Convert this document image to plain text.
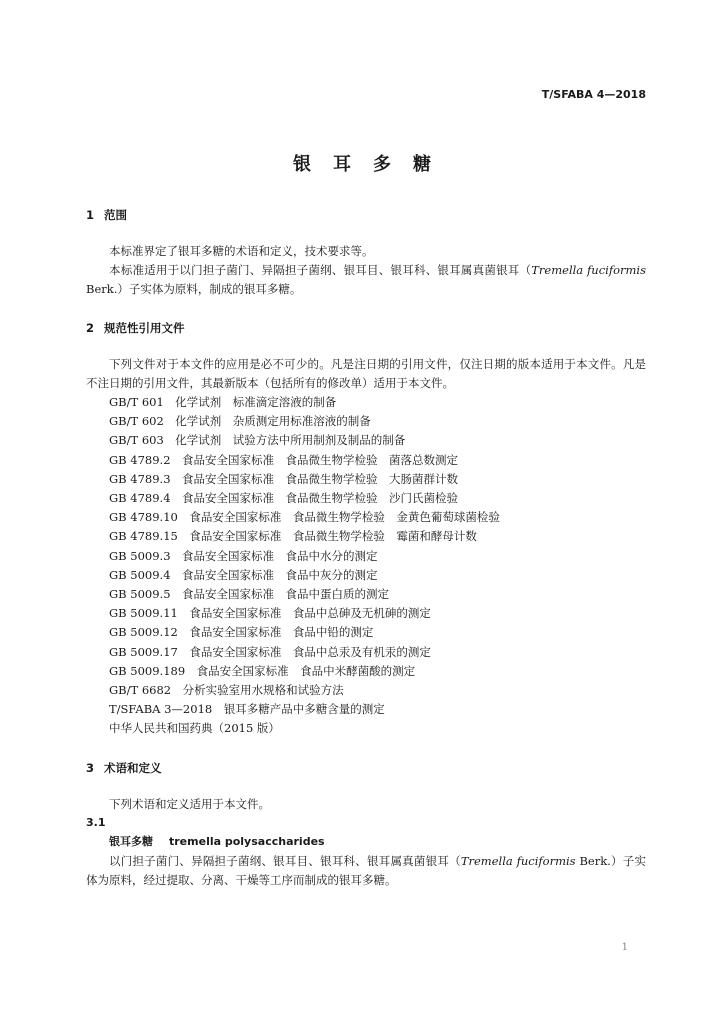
T/SFABA 4—2018
银耳多糖

1 范围

本标准界定了银耳多糖的术语和定义，技术要求等。

本标准适用于以门担子菌门、异隔担子菌纲、银耳目、银耳科、银耳属真菌银耳（Tremella fuciformis Berk.）子实体为原料，制成的银耳多糖。

2 规范性引用文件

下列文件对于本文件的应用是必不可少的。凡是注日期的引用文件，仅注日期的版本适用于本文件。凡是不注日期的引用文件，其最新版本（包括所有的修改单）适用于本文件。

GB/T 601　化学试剂　标准滴定溶液的制备

GB/T 602　化学试剂　杂质测定用标准溶液的制备

GB/T 603　化学试剂　试验方法中所用制剂及制品的制备

GB 4789.2　食品安全国家标准　食品微生物学检验　菌落总数测定

GB 4789.3　食品安全国家标准　食品微生物学检验　大肠菌群计数

GB 4789.4　食品安全国家标准　食品微生物学检验　沙门氏菌检验

GB 4789.10　食品安全国家标准　食品微生物学检验　金黄色葡萄球菌检验

GB 4789.15　食品安全国家标准　食品微生物学检验　霉菌和酵母计数

GB 5009.3　食品安全国家标准　食品中水分的测定

GB 5009.4　食品安全国家标准　食品中灰分的测定

GB 5009.5　食品安全国家标准　食品中蛋白质的测定

GB 5009.11　食品安全国家标准　食品中总砷及无机砷的测定

GB 5009.12　食品安全国家标准　食品中铅的测定

GB 5009.17　食品安全国家标准　食品中总汞及有机汞的测定

GB 5009.189　食品安全国家标准　食品中米酵菌酸的测定

GB/T 6682　分析实验室用水规格和试验方法

T/SFABA 3—2018　银耳多糖产品中多糖含量的测定

中华人民共和国药典（2015 版）

3 术语和定义

下列术语和定义适用于本文件。

3.1

银耳多糖 tremella polysaccharides

以门担子菌门、异隔担子菌纲、银耳目、银耳科、银耳属真菌银耳（Tremella fuciformis Berk.）子实体为原料，经过提取、分离、干燥等工序而制成的银耳多糖。

1
